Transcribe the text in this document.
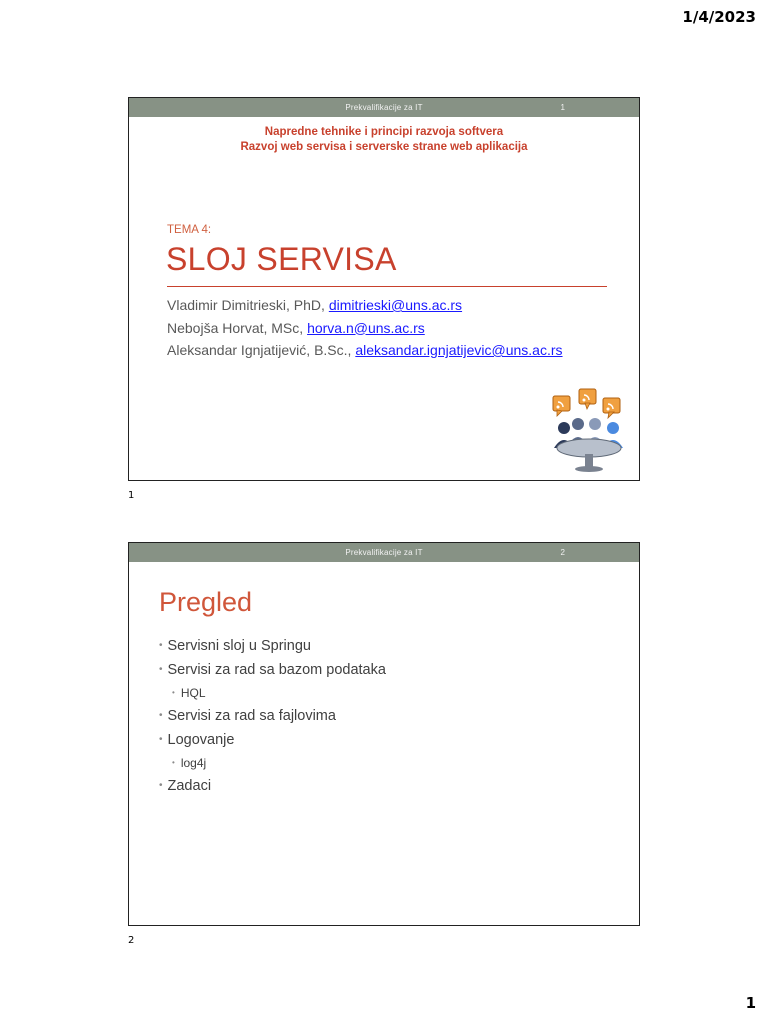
1/4/2023
Prekvalifikacije za IT	1
Napredne tehnike i principi razvoja softvera
Razvoj web servisa i serverske strane web aplikacija
TEMA 4:
SLOJ SERVISA
Vladimir Dimitrieski, PhD, dimitrieski@uns.ac.rs
Nebojša Horvat, MSc, horva.n@uns.ac.rs
Aleksandar Ignjatijević, B.Sc., aleksandar.ignjatijevic@uns.ac.rs
1
Prekvalifikacije za IT	2
Pregled
• Servisni sloj u Springu
• Servisi za rad sa bazom podataka
• HQL
• Servisi za rad sa fajlovima
• Logovanje
• log4j
• Zadaci
2
1
